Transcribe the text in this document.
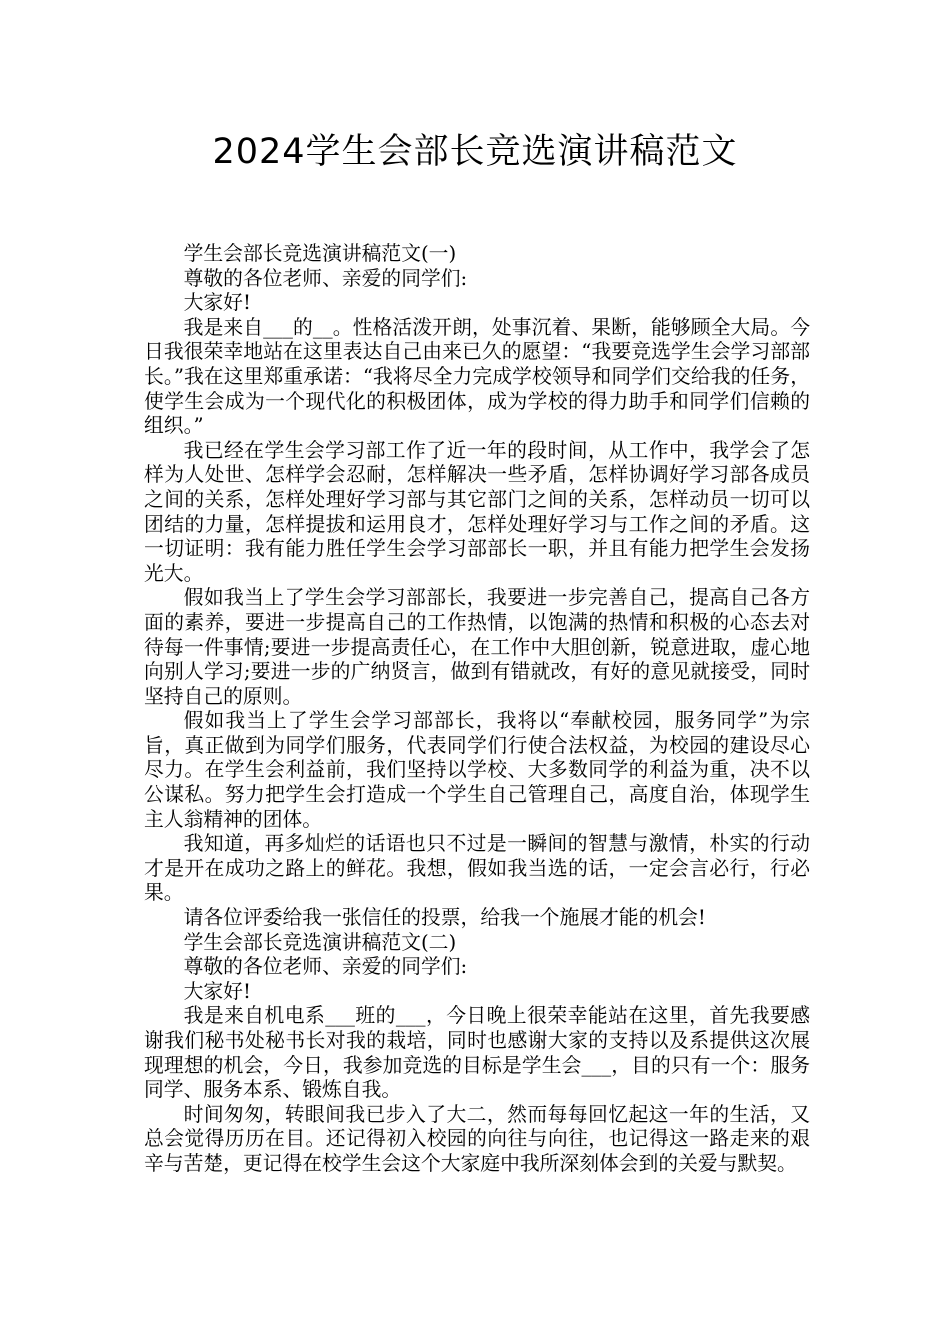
2024学生会部长竞选演讲稿范文

学生会部长竞选演讲稿范文(一)

尊敬的各位老师、亲爱的同学们:

大家好!

我是来自___的__。性格活泼开朗，处事沉着、果断，能够顾全大局。今日我很荣幸地站在这里表达自己由来已久的愿望：“我要竞选学生会学习部部长。”我在这里郑重承诺：“我将尽全力完成学校领导和同学们交给我的任务，使学生会成为一个现代化的积极团体，成为学校的得力助手和同学们信赖的组织。”

我已经在学生会学习部工作了近一年的段时间，从工作中，我学会了怎样为人处世、怎样学会忍耐，怎样解决一些矛盾，怎样协调好学习部各成员之间的关系，怎样处理好学习部与其它部门之间的关系，怎样动员一切可以团结的力量，怎样提拔和运用良才，怎样处理好学习与工作之间的矛盾。这一切证明：我有能力胜任学生会学习部部长一职，并且有能力把学生会发扬光大。

假如我当上了学生会学习部部长，我要进一步完善自己，提高自己各方面的素养，要进一步提高自己的工作热情，以饱满的热情和积极的心态去对待每一件事情;要进一步提高责任心，在工作中大胆创新，锐意进取，虚心地向别人学习;要进一步的广纳贤言，做到有错就改，有好的意见就接受，同时坚持自己的原则。

假如我当上了学生会学习部部长，我将以“奉献校园，服务同学”为宗旨，真正做到为同学们服务，代表同学们行使合法权益，为校园的建设尽心尽力。在学生会利益前，我们坚持以学校、大多数同学的利益为重，决不以公谋私。努力把学生会打造成一个学生自己管理自己，高度自治，体现学生主人翁精神的团体。

我知道，再多灿烂的话语也只不过是一瞬间的智慧与激情，朴实的行动才是开在成功之路上的鲜花。我想，假如我当选的话，一定会言必行，行必果。

请各位评委给我一张信任的投票，给我一个施展才能的机会!

学生会部长竞选演讲稿范文(二)

尊敬的各位老师、亲爱的同学们:

大家好!

我是来自机电系___班的___，今日晚上很荣幸能站在这里，首先我要感谢我们秘书处秘书长对我的栽培，同时也感谢大家的支持以及系提供这次展现理想的机会，今日，我参加竞选的目标是学生会___，目的只有一个：服务同学、服务本系、锻炼自我。

时间匆匆，转眼间我已步入了大二，然而每每回忆起这一年的生活，又总会觉得历历在目。还记得初入校园的向往与向往，也记得这一路走来的艰辛与苦楚，更记得在校学生会这个大家庭中我所深刻体会到的关爱与默契。
